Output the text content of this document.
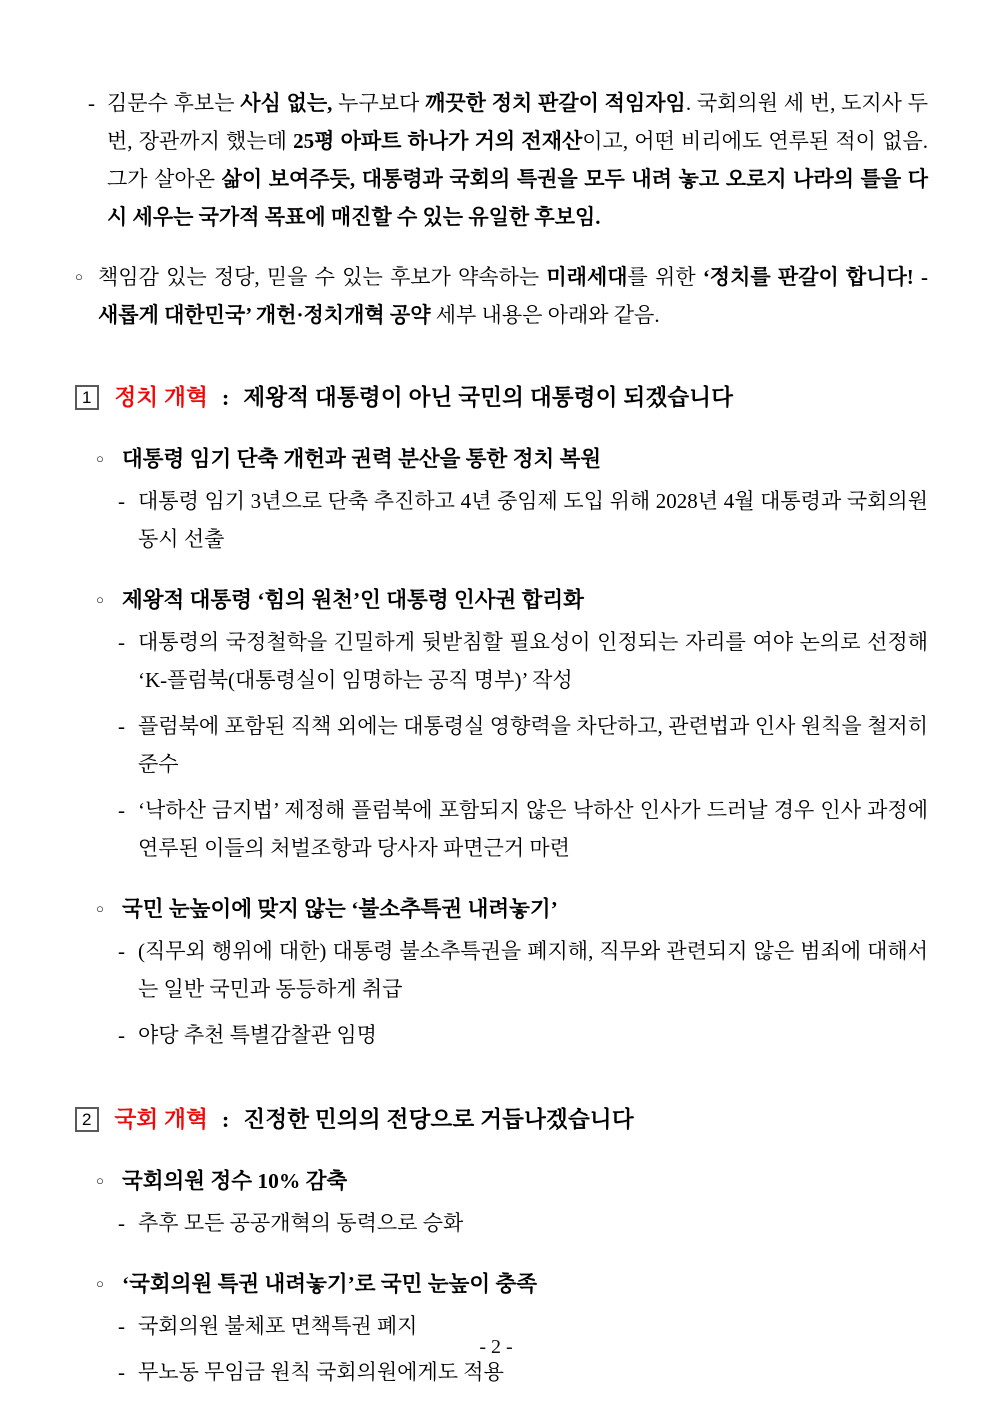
- 김문수 후보는 사심 없는, 누구보다 깨끗한 정치 판갈이 적임자임. 국회의원 세 번, 도지사 두 번, 장관까지 했는데 25평 아파트 하나가 거의 전재산이고, 어떤 비리에도 연루된 적이 없음. 그가 살아온 삶이 보여주듯, 대통령과 국회의 특권을 모두 내려 놓고 오로지 나라의 틀을 다시 세우는 국가적 목표에 매진할 수 있는 유일한 후보임.
○ 책임감 있는 정당, 믿을 수 있는 후보가 약속하는 미래세대를 위한 ‘정치를 판갈이 합니다! - 새롭게 대한민국’ 개헌·정치개혁 공약 세부 내용은 아래와 같음.
1 정치 개혁 : 제왕적 대통령이 아닌 국민의 대통령이 되겠습니다
○ 대통령 임기 단축 개헌과 권력 분산을 통한 정치 복원
- 대통령 임기 3년으로 단축 추진하고 4년 중임제 도입 위해 2028년 4월 대통령과 국회의원 동시 선출
○ 제왕적 대통령 ‘힘의 원천’인 대통령 인사권 합리화
- 대통령의 국정철학을 긴밀하게 뒷받침할 필요성이 인정되는 자리를 여야 논의로 선정해 ‘K-플럼북(대통령실이 임명하는 공직 명부)’ 작성
- 플럼북에 포함된 직책 외에는 대통령실 영향력을 차단하고, 관련법과 인사 원칙을 철저히 준수
- ‘낙하산 금지법’ 제정해 플럼북에 포함되지 않은 낙하산 인사가 드러날 경우 인사 과정에 연루된 이들의 처벌조항과 당사자 파면근거 마련
○ 국민 눈높이에 맞지 않는 ‘불소추특권 내려놓기’
- (직무외 행위에 대한) 대통령 불소추특권을 폐지해, 직무와 관련되지 않은 범죄에 대해서는 일반 국민과 동등하게 취급
- 야당 추천 특별감찰관 임명
2 국회 개혁 : 진정한 민의의 전당으로 거듭나겠습니다
○ 국회의원 정수 10% 감축
- 추후 모든 공공개혁의 동력으로 승화
○ ‘국회의원 특권 내려놓기’로 국민 눈높이 충족
- 국회의원 불체포 면책특권 폐지
- 무노동 무임금 원칙 국회의원에게도 적용
- 2 -
